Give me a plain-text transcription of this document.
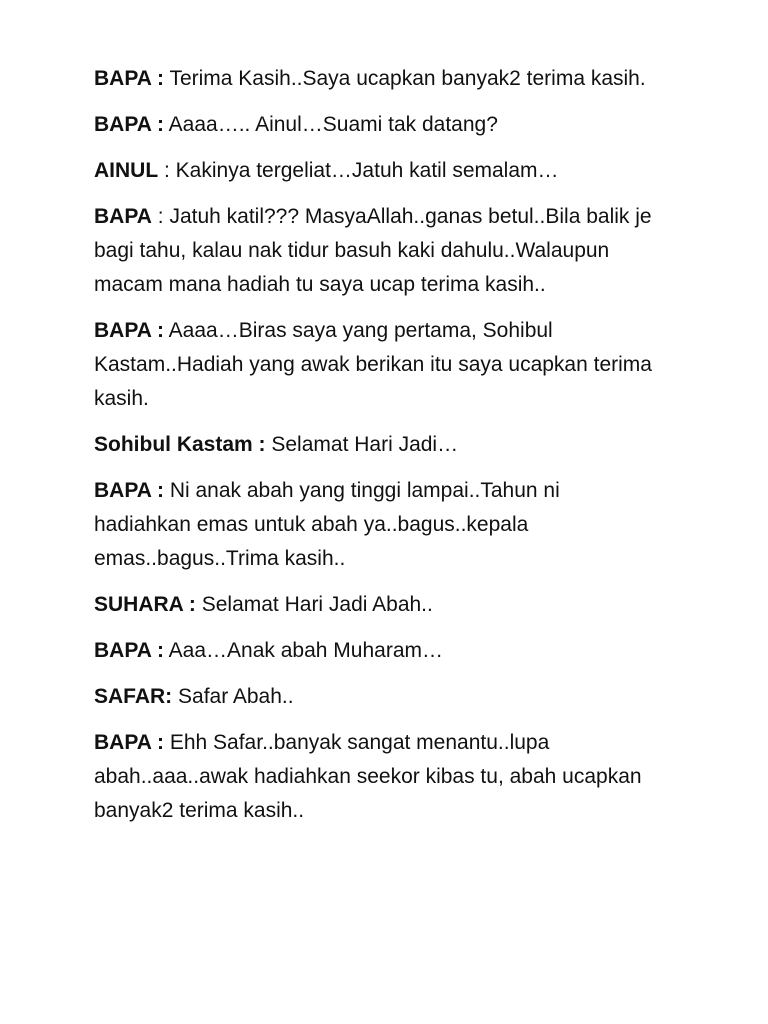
BAPA : Terima Kasih..Saya ucapkan banyak2 terima kasih.

BAPA : Aaaa….. Ainul…Suami tak datang?

AINUL : Kakinya tergeliat…Jatuh katil semalam…

BAPA : Jatuh katil??? MasyaAllah..ganas betul..Bila balik je bagi tahu, kalau nak tidur basuh kaki dahulu..Walaupun macam mana hadiah tu saya ucap terima kasih..

BAPA : Aaaa…Biras saya yang pertama, Sohibul Kastam..Hadiah yang awak berikan itu saya ucapkan terima kasih.

Sohibul Kastam : Selamat Hari Jadi…

BAPA : Ni anak abah yang tinggi lampai..Tahun ni hadiahkan emas untuk abah ya..bagus..kepala emas..bagus..Trima kasih..

SUHARA : Selamat Hari Jadi Abah..

BAPA : Aaa…Anak abah Muharam…

SAFAR: Safar Abah..

BAPA : Ehh Safar..banyak sangat menantu..lupa abah..aaa..awak hadiahkan seekor kibas tu, abah ucapkan banyak2 terima kasih..
